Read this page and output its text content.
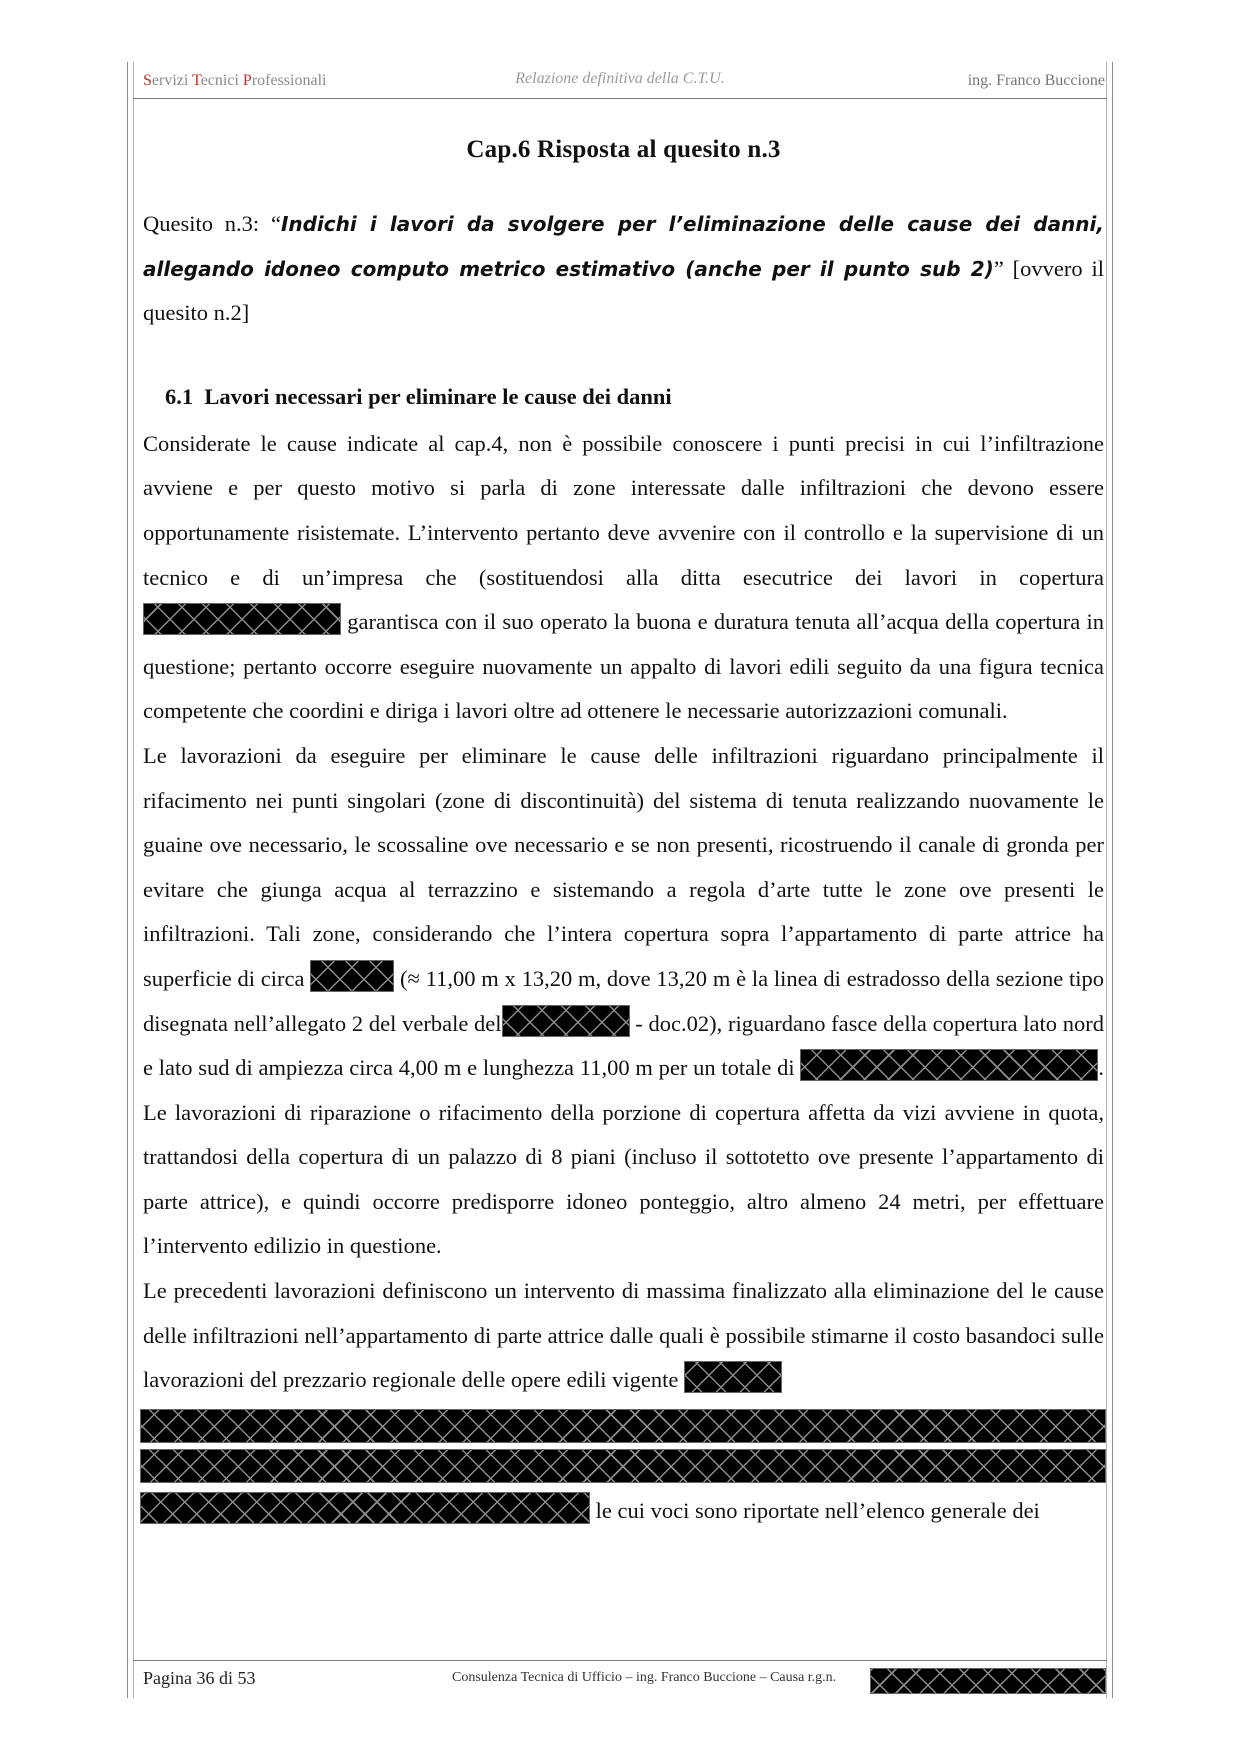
Servizi Tecnici Professionali	Relazione definitiva della C.T.U.	ing. Franco Buccione
Cap.6 Risposta al quesito n.3

Quesito n.3: “Indichi i lavori da svolgere per l’eliminazione delle cause dei danni, allegando idoneo computo metrico estimativo (anche per il punto sub 2)” [ovvero il quesito n.2]

6.1 Lavori necessari per eliminare le cause dei danni

Considerate le cause indicate al cap.4, non è possibile conoscere i punti precisi in cui l’infiltrazione avviene e per questo motivo si parla di zone interessate dalle infiltrazioni che devono essere opportunamente risistemate. L’intervento pertanto deve avvenire con il controllo e la supervisione di un tecnico e di un’impresa che (sostituendosi alla ditta esecutrice dei lavori in copertura  garantisca con il suo operato la buona e duratura tenuta all’acqua della copertura in questione; pertanto occorre eseguire nuovamente un appalto di lavori edili seguito da una figura tecnica competente che coordini e diriga i lavori oltre ad ottenere le necessarie autorizzazioni comunali.

Le lavorazioni da eseguire per eliminare le cause delle infiltrazioni riguardano principalmente il rifacimento nei punti singolari (zone di discontinuità) del sistema di tenuta realizzando nuovamente le guaine ove necessario, le scossaline ove necessario e se non presenti, ricostruendo il canale di gronda per evitare che giunga acqua al terrazzino e sistemando a regola d’arte tutte le zone ove presenti le infiltrazioni. Tali zone, considerando che l’intera copertura sopra l’appartamento di parte attrice ha superficie di circa	(≈ 11,00 m x 13,20 m, dove 13,20 m è la linea di estradosso della sezione tipo disegnata nell’allegato 2 del verbale del	- doc.02), riguardano fasce della copertura lato nord e lato sud di ampiezza circa 4,00 m e lunghezza 11,00 m per un totale di	. Le lavorazioni di riparazione o rifacimento della porzione di copertura affetta da vizi avviene in quota, trattandosi della copertura di un palazzo di 8 piani (incluso il sottotetto ove presente l’appartamento di parte attrice), e quindi occorre predisporre idoneo ponteggio, altro almeno 24 metri, per effettuare l’intervento edilizio in questione.

Le precedenti lavorazioni definiscono un intervento di massima finalizzato alla eliminazione del le cause delle infiltrazioni nell’appartamento di parte attrice dalle quali è possibile stimarne il costo basandoci sulle lavorazioni del prezzario regionale delle opere edili vigente
le cui voci sono riportate nell’elenco generale dei

Pagina 36 di 53	Consulenza Tecnica di Ufficio – ing. Franco Buccione – Causa r.g.n.
